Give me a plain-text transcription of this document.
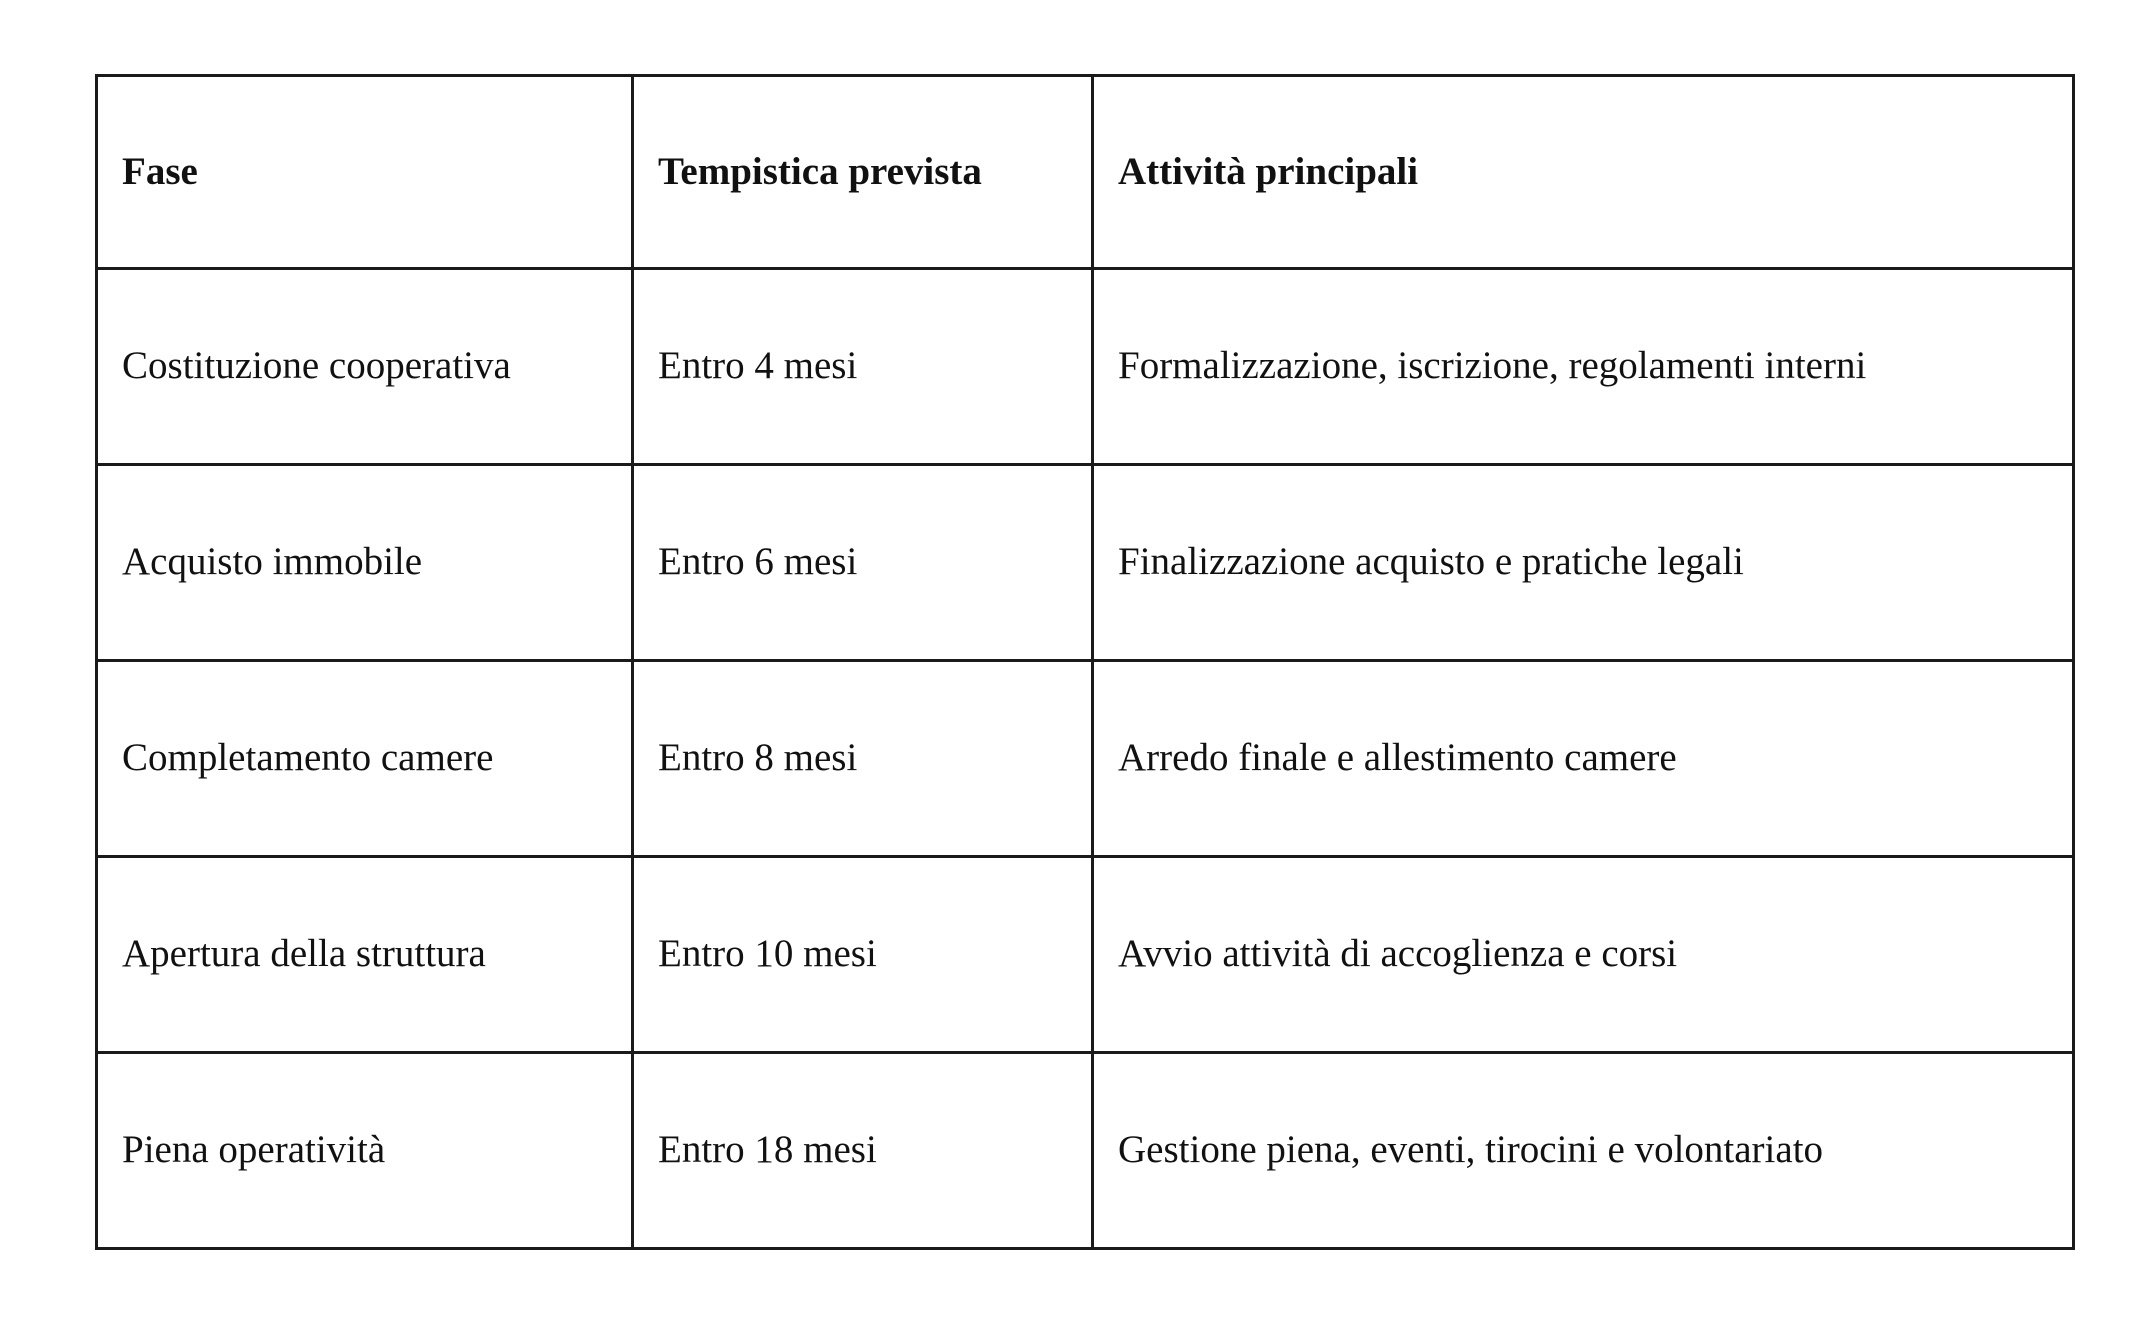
Fase	Tempistica prevista	Attività principali
Costituzione cooperativa	Entro 4 mesi	Formalizzazione, iscrizione, regolamenti interni
Acquisto immobile	Entro 6 mesi	Finalizzazione acquisto e pratiche legali
Completamento camere	Entro 8 mesi	Arredo finale e allestimento camere
Apertura della struttura	Entro 10 mesi	Avvio attività di accoglienza e corsi
Piena operatività	Entro 18 mesi	Gestione piena, eventi, tirocini e volontariato
